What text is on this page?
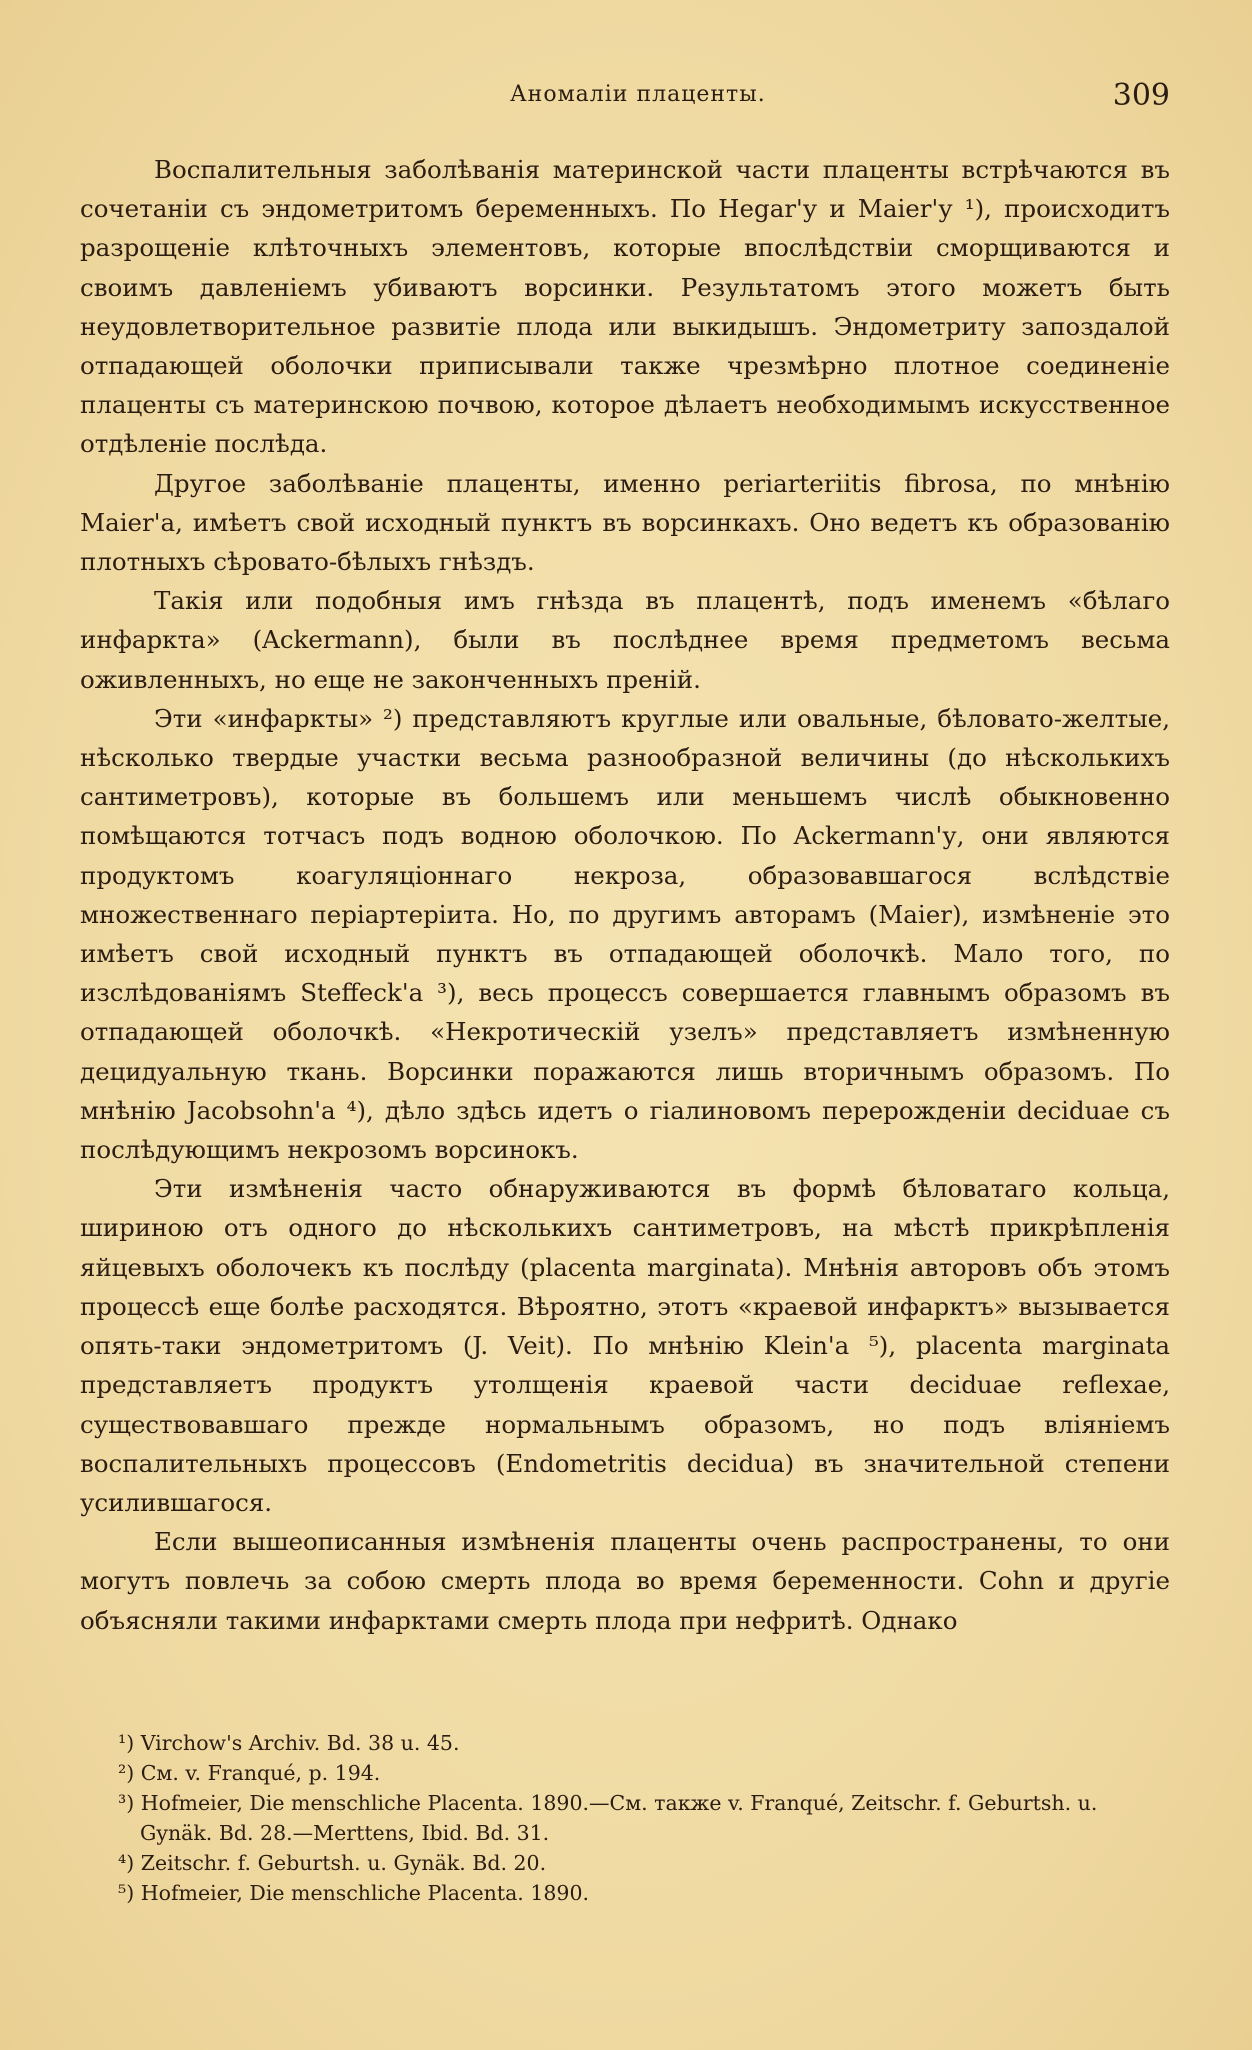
Аномаліи плаценты.	309

Воспалительныя заболѣванія материнской части плаценты встрѣчаются въ сочетаніи съ эндометритомъ беременныхъ. По Hegar'у и Maier'у ¹), происходитъ разрощеніе клѣточныхъ элементовъ, которые впослѣдствіи сморщиваются и своимъ давленіемъ убиваютъ ворсинки. Результатомъ этого можетъ быть неудовлетворительное развитіе плода или выкидышъ. Эндометриту запоздалой отпадающей оболочки приписывали также чрезмѣрно плотное соединеніе плаценты съ материнскою почвою, которое дѣлаетъ необходимымъ искусственное отдѣленіе послѣда.

Другое заболѣваніе плаценты, именно periarteriitis fibrosa, по мнѣнію Maier'а, имѣетъ свой исходный пунктъ въ ворсинкахъ. Оно ведетъ къ образованію плотныхъ сѣровато-бѣлыхъ гнѣздъ.

Такія или подобныя имъ гнѣзда въ плацентѣ, подъ именемъ «бѣлаго инфаркта» (Ackermann), были въ послѣднее время предметомъ весьма оживленныхъ, но еще не законченныхъ преній.

Эти «инфаркты» ²) представляютъ круглые или овальные, бѣловато-желтые, нѣсколько твердые участки весьма разнообразной величины (до нѣсколькихъ сантиметровъ), которые въ большемъ или меньшемъ числѣ обыкновенно помѣщаются тотчасъ подъ водною оболочкою. По Ackermann'у, они являются продуктомъ коагуляціоннаго некроза, образовавшагося вслѣдствіе множественнаго періартеріита. Но, по другимъ авторамъ (Maier), измѣненіе это имѣетъ свой исходный пунктъ въ отпадающей оболочкѣ. Мало того, по изслѣдованіямъ Steffeck'а ³), весь процессъ совершается главнымъ образомъ въ отпадающей оболочкѣ. «Некротическій узелъ» представляетъ измѣненную децидуальную ткань. Ворсинки поражаются лишь вторичнымъ образомъ. По мнѣнію Jacobsohn'а ⁴), дѣло здѣсь идетъ о гіалиновомъ перерожденіи deciduae съ послѣдующимъ некрозомъ ворсинокъ.

Эти измѣненія часто обнаруживаются въ формѣ бѣловатаго кольца, шириною отъ одного до нѣсколькихъ сантиметровъ, на мѣстѣ прикрѣпленія яйцевыхъ оболочекъ къ послѣду (placenta marginata). Мнѣнія авторовъ объ этомъ процессѣ еще болѣе расходятся. Вѣроятно, этотъ «краевой инфарктъ» вызывается опять-таки эндометритомъ (J. Veit). По мнѣнію Klein'а ⁵), placenta marginata представляетъ продуктъ утолщенія краевой части deciduae reflexae, существовавшаго прежде нормальнымъ образомъ, но подъ вліяніемъ воспалительныхъ процессовъ (Endometritis decidua) въ значительной степени усилившагося.

Если вышеописанныя измѣненія плаценты очень распространены, то они могутъ повлечь за собою смерть плода во время беременности. Cohn и другіе объясняли такими инфарктами смерть плода при нефритѣ. Однако

¹) Virchow's Archiv. Bd. 38 u. 45.

²) См. v. Franqué, p. 194.

³) Hofmeier, Die menschliche Placenta. 1890.—См. также v. Franqué, Zeitschr. f. Geburtsh. u. Gynäk. Bd. 28.—Merttens, Ibid. Bd. 31.

⁴) Zeitschr. f. Geburtsh. u. Gynäk. Bd. 20.

⁵) Hofmeier, Die menschliche Placenta. 1890.
